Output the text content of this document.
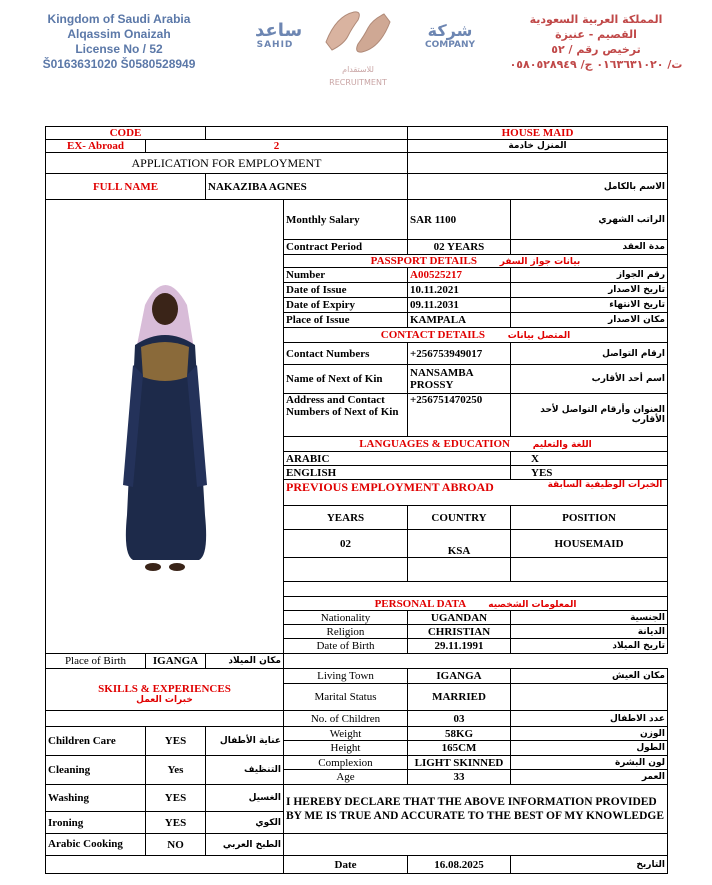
Kingdom of Saudi Arabia
Alqassim Onaizah
License No / 52
Š0163631020 Š0580528949
المملكة العربية السعودية
القصيم - عنيزة
ترخيص رقم / ٥٢
ت/ ٠١٦٣٦٣١٠٢٠ ج/ ٠٥٨٠٥٢٨٩٤٩
ساعد
SAHID
شركة
COMPANY
للاستقدام
RECRUITMENT
CODE				HOUSE MAID	
EX- Abroad	2			المنزل خادمة	
APPLICATION FOR EMPLOYMENT					
FULL NAME		NAKAZIBA AGNES		الاسم بالكامل	
	Monthly Salary	SAR 1100	الراتب الشهري
			Contract Period	02 YEARS	مدة العقد
			PASSPORT DETAILS بيانات جواز السفر		
			Number	A00525217	رقم الجواز
			Date of Issue	10.11.2021	تاريخ الاصدار
			Date of Expiry	09.11.2031	تاريخ الانتهاء
			Place of Issue	KAMPALA	مكان الاصدار
			CONTACT DETAILS المتصل بيانات		
			Contact Numbers	+256753949017	ارقام التواصل
			Name of Next of Kin	NANSAMBA PROSSY	اسم أحد الأقارب
			Address and Contact Numbers of Next of Kin	+256751470250	العنوان وأرقام التواصل لأحد الأقارب
			LANGUAGES & EDUCATION اللغة والتعليم		
			ARABIC		X
			ENGLISH		YES
			PREVIOUS EMPLOYMENT ABROAD الخبرات الوظيفية السابقة		

			YEARS	COUNTRY	POSITION
			02	KSA	HOUSEMAID

			PERSONAL DATA المعلومات الشخصيه		
			Nationality	UGANDAN	الجنسية
			Religion	CHRISTIAN	الديانة
			Date of Birth	29.11.1991	تاريخ الميلاد
Place of Birth	IGANGA	مكان الميلاد			

SKILLS & EXPERIENCES
خبرات العمل			Living Town	IGANGA	مكان العيش
			Marital Status	MARRIED	
			No. of Children	03	عدد الاطفال
Children Care	YES	عناية الأطفال	Weight	58KG	الوزن
			Height	165CM	الطول
Cleaning	Yes	التنظيف	Complexion	LIGHT SKINNED	لون البشرة
			Age	33	العمر
Washing	YES	الغسيل	I HEREBY DECLARE THAT THE ABOVE INFORMATION PROVIDED BY ME IS TRUE AND ACCURATE TO THE BEST OF MY KNOWLEDGE		
Ironing	YES	الكوي			
Arabic Cooking	NO	الطبخ العربي			
			Date	16.08.2025	التاريخ
